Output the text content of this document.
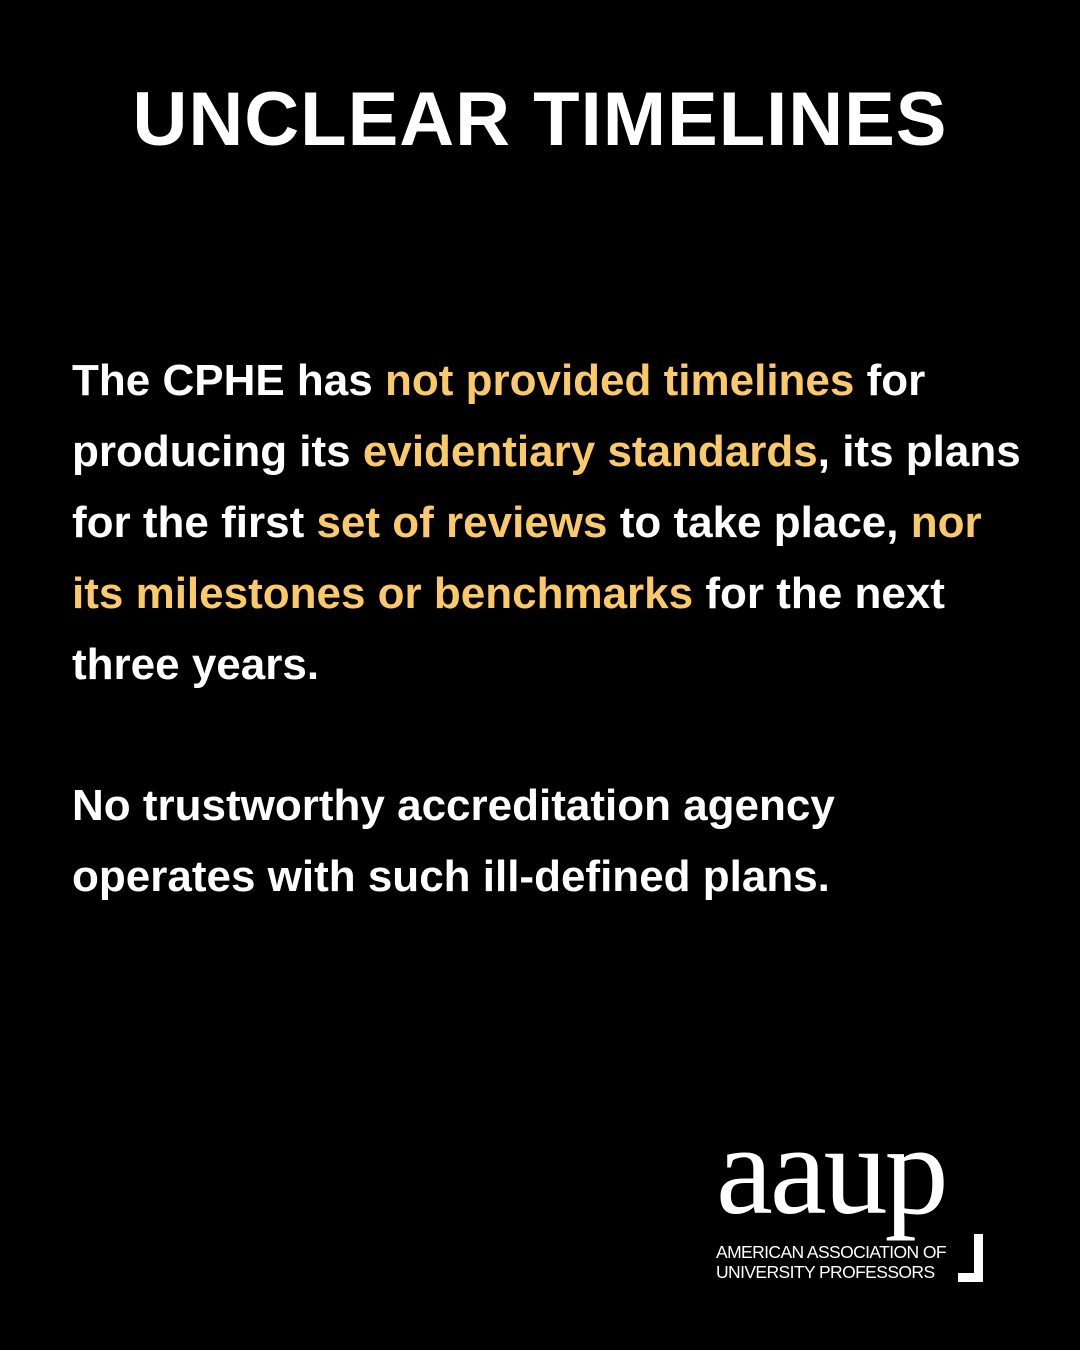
UNCLEAR TIMELINES

The CPHE has not provided timelines for producing its evidentiary standards, its plans for the first set of reviews to take place, nor its milestones or benchmarks for the next three years.

No trustworthy accreditation agency operates with such ill-defined plans.

aaup
AMERICAN ASSOCIATION OF
UNIVERSITY PROFESSORS
